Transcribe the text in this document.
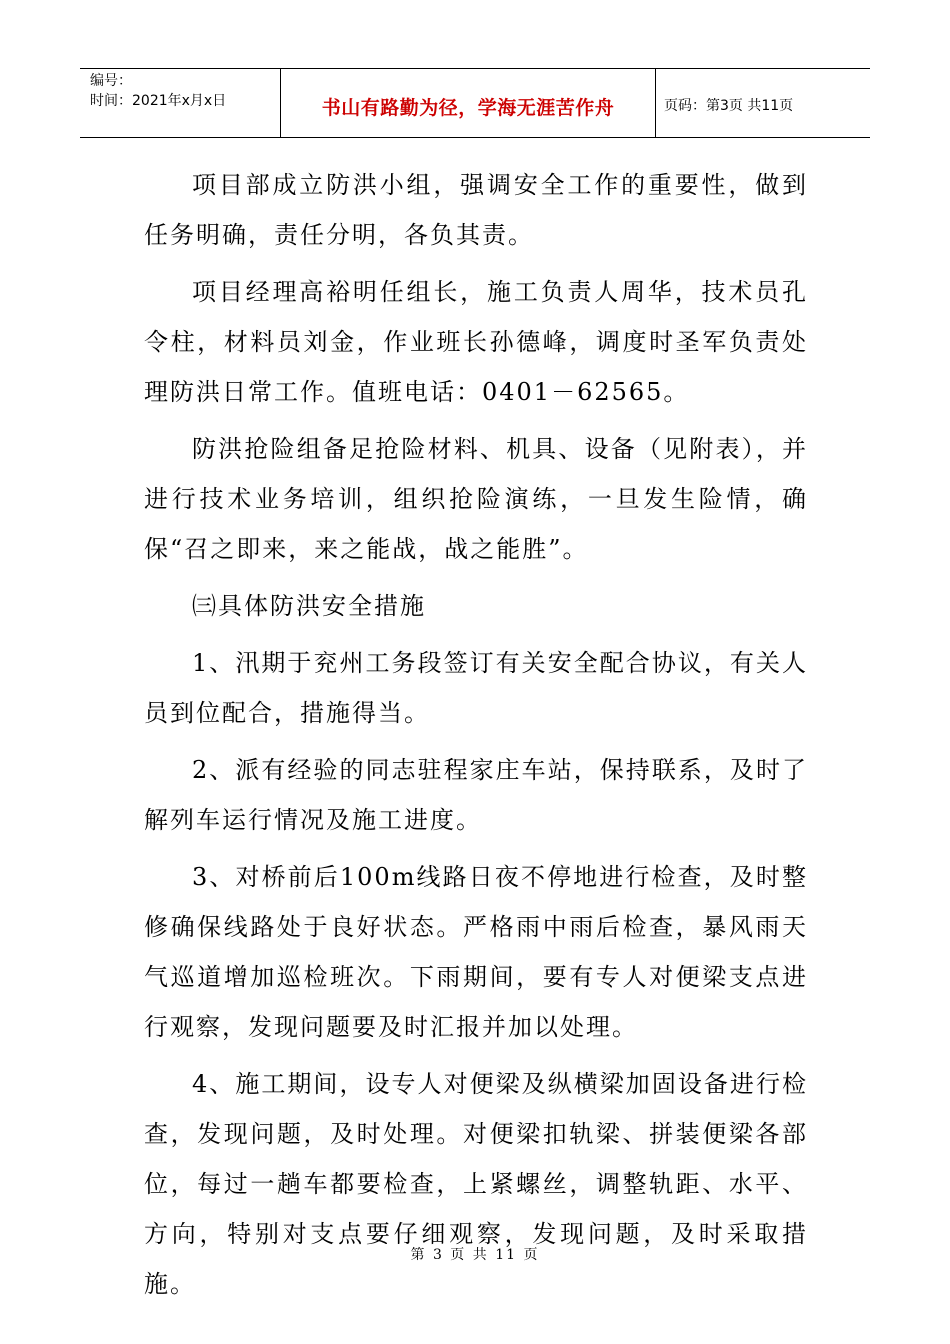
编号：
时间：2021年x月x日	书山有路勤为径，学海无涯苦作舟	页码：第3页 共11页

项目部成立防洪小组，强调安全工作的重要性，做到任务明确，责任分明，各负其责。

项目经理高裕明任组长，施工负责人周华，技术员孔令柱，材料员刘金，作业班长孙德峰，调度时圣军负责处理防洪日常工作。值班电话：0401－62565。

防洪抢险组备足抢险材料、机具、设备（见附表），并进行技术业务培训，组织抢险演练，一旦发生险情，确保“召之即来，来之能战，战之能胜”。

㈢具体防洪安全措施

1、汛期于兖州工务段签订有关安全配合协议，有关人员到位配合，措施得当。

2、派有经验的同志驻程家庄车站，保持联系，及时了解列车运行情况及施工进度。

3、对桥前后100m线路日夜不停地进行检查，及时整修确保线路处于良好状态。严格雨中雨后检查，暴风雨天气巡道增加巡检班次。下雨期间，要有专人对便梁支点进行观察，发现问题要及时汇报并加以处理。

4、施工期间，设专人对便梁及纵横梁加固设备进行检查，发现问题，及时处理。对便梁扣轨梁、拼装便梁各部位，每过一趟车都要检查，上紧螺丝，调整轨距、水平、方向，特别对支点要仔细观察，发现问题，及时采取措施。

第 3 页 共 11 页
